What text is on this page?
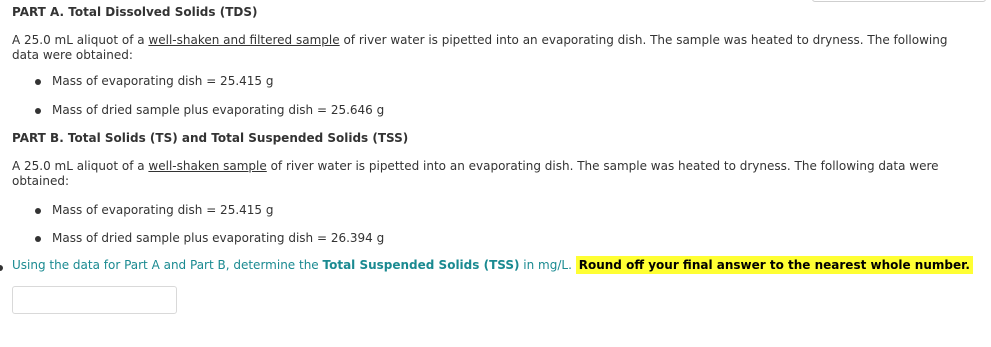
PART A. Total Dissolved Solids (TDS)
A 25.0 mL aliquot of a well-shaken and filtered sample of river water is pipetted into an evaporating dish. The sample was heated to dryness. The following data were obtained:
Mass of evaporating dish = 25.415 g
Mass of dried sample plus evaporating dish = 25.646 g
PART B. Total Solids (TS) and Total Suspended Solids (TSS)
A 25.0 mL aliquot of a well-shaken sample of river water is pipetted into an evaporating dish. The sample was heated to dryness. The following data were obtained:
Mass of evaporating dish = 25.415 g
Mass of dried sample plus evaporating dish = 26.394 g
Using the data for Part A and Part B, determine the Total Suspended Solids (TSS) in mg/L. Round off your final answer to the nearest whole number.
